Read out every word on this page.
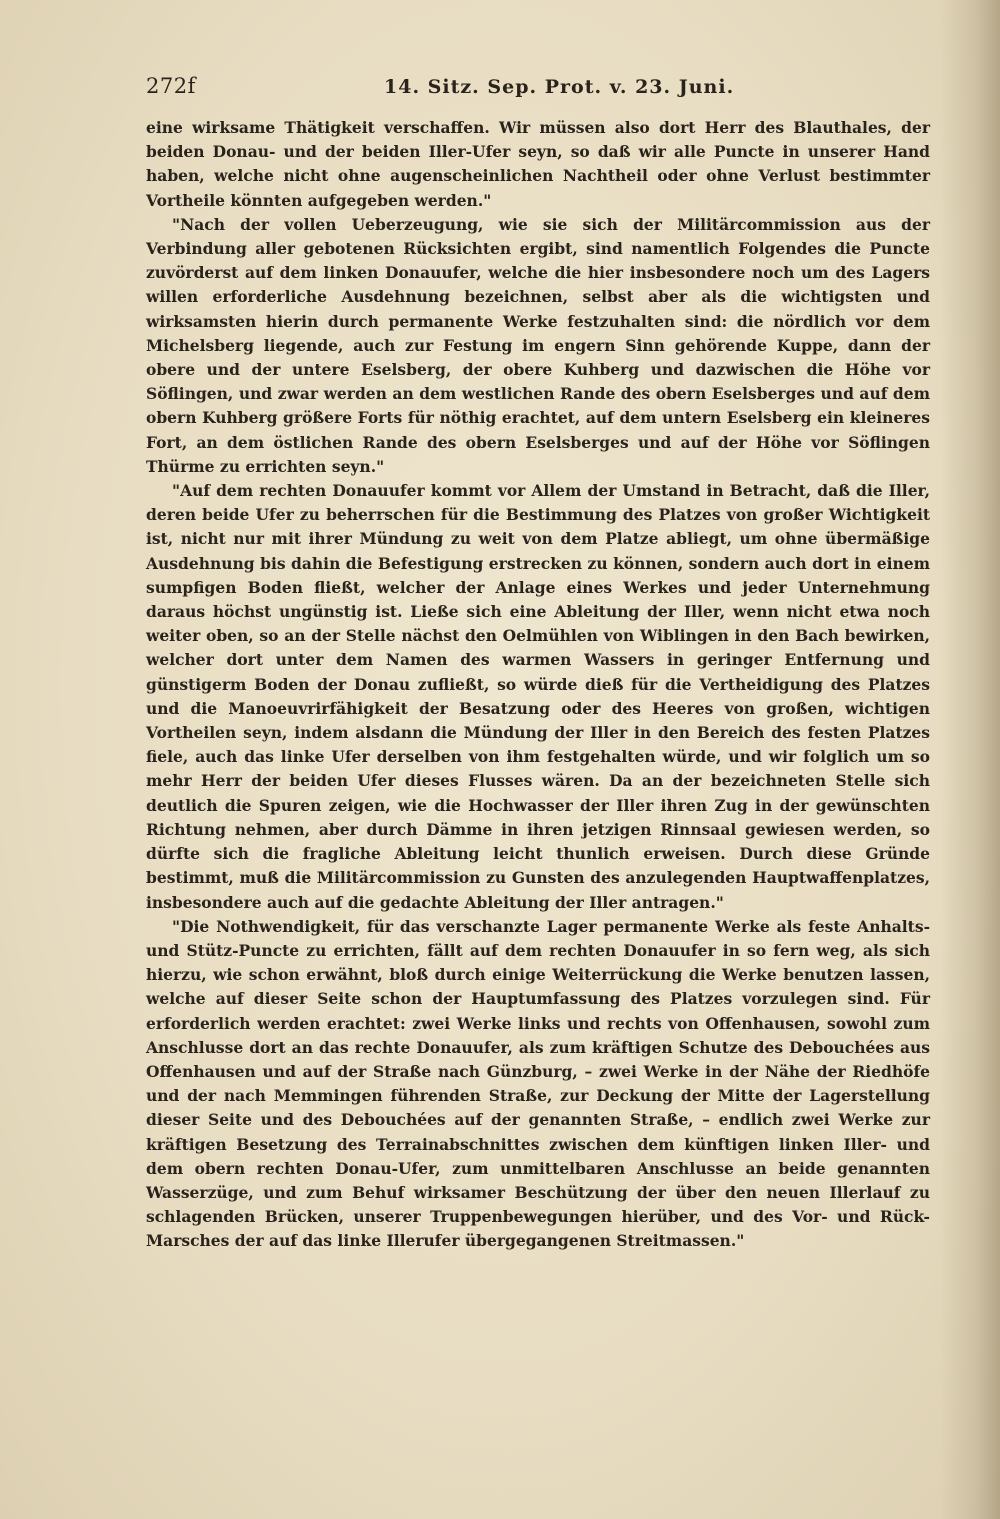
272f	14. Sitz. Sep. Prot. v. 23. Juni.

eine wirksame Thätigkeit verschaffen. Wir müssen also dort Herr des Blauthales, der beiden Donau- und der beiden Iller-Ufer seyn, so daß wir alle Puncte in unserer Hand haben, welche nicht ohne augenscheinlichen Nachtheil oder ohne Verlust bestimmter Vortheile könnten aufgegeben werden."

"Nach der vollen Ueberzeugung, wie sie sich der Militärcommission aus der Verbindung aller gebotenen Rücksichten ergibt, sind namentlich Folgendes die Puncte zuvörderst auf dem linken Donauufer, welche die hier insbesondere noch um des Lagers willen erforderliche Ausdehnung bezeichnen, selbst aber als die wichtigsten und wirksamsten hierin durch permanente Werke festzuhalten sind: die nördlich vor dem Michelsberg liegende, auch zur Festung im engern Sinn gehörende Kuppe, dann der obere und der untere Eselsberg, der obere Kuhberg und dazwischen die Höhe vor Söflingen, und zwar werden an dem westlichen Rande des obern Eselsberges und auf dem obern Kuhberg größere Forts für nöthig erachtet, auf dem untern Eselsberg ein kleineres Fort, an dem östlichen Rande des obern Eselsberges und auf der Höhe vor Söflingen Thürme zu errichten seyn."

"Auf dem rechten Donauufer kommt vor Allem der Umstand in Betracht, daß die Iller, deren beide Ufer zu beherrschen für die Bestimmung des Platzes von großer Wichtigkeit ist, nicht nur mit ihrer Mündung zu weit von dem Platze abliegt, um ohne übermäßige Ausdehnung bis dahin die Befestigung erstrecken zu können, sondern auch dort in einem sumpfigen Boden fließt, welcher der Anlage eines Werkes und jeder Unternehmung daraus höchst ungünstig ist. Ließe sich eine Ableitung der Iller, wenn nicht etwa noch weiter oben, so an der Stelle nächst den Oelmühlen von Wiblingen in den Bach bewirken, welcher dort unter dem Namen des warmen Wassers in geringer Entfernung und günstigerm Boden der Donau zufließt, so würde dieß für die Vertheidigung des Platzes und die Manoeuvrirfähigkeit der Besatzung oder des Heeres von großen, wichtigen Vortheilen seyn, indem alsdann die Mündung der Iller in den Bereich des festen Platzes fiele, auch das linke Ufer derselben von ihm festgehalten würde, und wir folglich um so mehr Herr der beiden Ufer dieses Flusses wären. Da an der bezeichneten Stelle sich deutlich die Spuren zeigen, wie die Hochwasser der Iller ihren Zug in der gewünschten Richtung nehmen, aber durch Dämme in ihren jetzigen Rinnsaal gewiesen werden, so dürfte sich die fragliche Ableitung leicht thunlich erweisen. Durch diese Gründe bestimmt, muß die Militärcommission zu Gunsten des anzulegenden Hauptwaffenplatzes, insbesondere auch auf die gedachte Ableitung der Iller antragen."

"Die Nothwendigkeit, für das verschanzte Lager permanente Werke als feste Anhalts- und Stütz-Puncte zu errichten, fällt auf dem rechten Donauufer in so fern weg, als sich hierzu, wie schon erwähnt, bloß durch einige Weiterrückung die Werke benutzen lassen, welche auf dieser Seite schon der Hauptumfassung des Platzes vorzulegen sind. Für erforderlich werden erachtet: zwei Werke links und rechts von Offenhausen, sowohl zum Anschlusse dort an das rechte Donauufer, als zum kräftigen Schutze des Debouchées aus Offenhausen und auf der Straße nach Günzburg, – zwei Werke in der Nähe der Riedhöfe und der nach Memmingen führenden Straße, zur Deckung der Mitte der Lagerstellung dieser Seite und des Debouchées auf der genannten Straße, – endlich zwei Werke zur kräftigen Besetzung des Terrainabschnittes zwischen dem künftigen linken Iller- und dem obern rechten Donau-Ufer, zum unmittelbaren Anschlusse an beide genannten Wasserzüge, und zum Behuf wirksamer Beschützung der über den neuen Illerlauf zu schlagenden Brücken, unserer Truppenbewegungen hierüber, und des Vor- und Rück-Marsches der auf das linke Illerufer übergegangenen Streitmassen."
